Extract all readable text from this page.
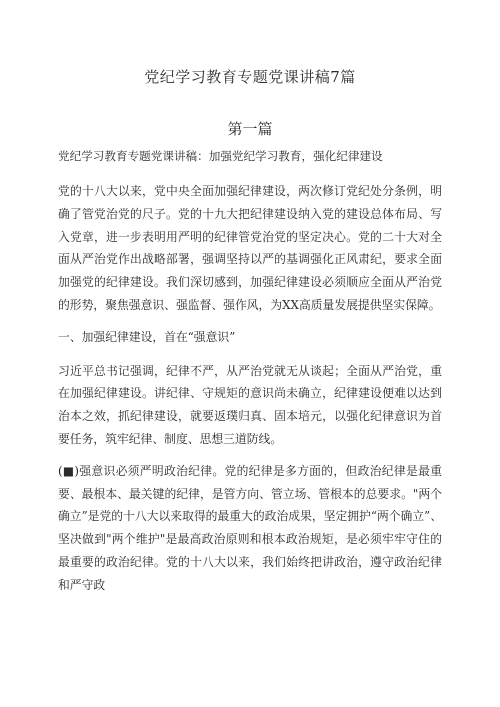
党纪学习教育专题党课讲稿7篇
第一篇
党纪学习教育专题党课讲稿：加强党纪学习教育，强化纪律建设

党的十八大以来，党中央全面加强纪律建设，两次修订党纪处分条例，明确了管党治党的尺子。党的十九大把纪律建设纳入党的建设总体布局、写入党章，进一步表明用严明的纪律管党治党的坚定决心。党的二十大对全面从严治党作出战略部署，强调坚持以严的基调强化正风肃纪，要求全面加强党的纪律建设。我们深切感到，加强纪律建设必须顺应全面从严治党的形势，聚焦强意识、强监督、强作风，为XX高质量发展提供坚实保障。

一、加强纪律建设，首在“强意识”

习近平总书记强调，纪律不严，从严治党就无从谈起；全面从严治党，重在加强纪律建设。讲纪律、守规矩的意识尚未确立，纪律建设便难以达到治本之效，抓纪律建设，就要返璞归真、固本培元，以强化纪律意识为首要任务，筑牢纪律、制度、思想三道防线。

(■)强意识必须严明政治纪律。党的纪律是多方面的，但政治纪律是最重要、最根本、最关键的纪律，是管方向、管立场、管根本的总要求。"两个确立”是党的十八大以来取得的最重大的政治成果，坚定拥护“两个确立”、坚决做到"两个维护"是最高政治原则和根本政治规矩，是必须牢牢守住的最重要的政治纪律。党的十八大以来，我们始终把讲政治，遵守政治纪律和严守政
